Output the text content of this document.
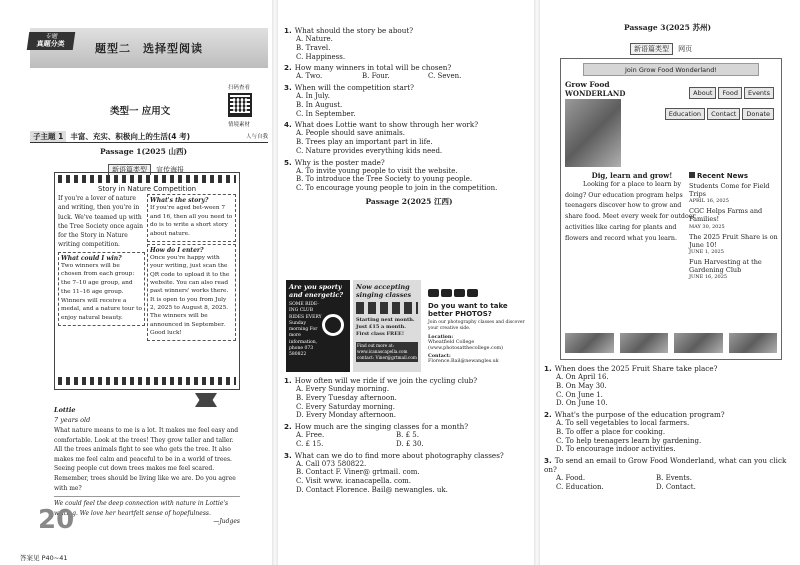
题型二　选择型阅读
专题
真题分类
扫码查看
情境素材
类型一 应用文
子主题 1 丰富、充实、积极向上的生活(4 考)	人与自我
Passage 1(2025 山西)
新语篇类型 宣传海报
Story in Nature Competition
If you're a lover of nature and writing, then you're in luck. We've teamed up with the Tree Society once again for the Story in Nature writing competition.
What could I win?
Two winners will be chosen from each group: the 7–10 age group, and the 11–16 age group. Winners will receive a medal, and a nature tour to enjoy natural beauty.
What's the story?
If you're aged bet-ween 7 and 16, then all you need to do is to write a short story about nature.
How do I enter?
Once you're happy with your writing, just scan the QR code to upload it to the website. You can also read past winners' works there. It is open to you from July 2, 2025 to August 8, 2025. The winners will be announced in September. Good luck!
Lottie
7 years old
What nature means to me is a lot. It makes me feel easy and comfortable. Look at the trees! They grow taller and taller. All the trees animals fight to see who gets the tree. It also makes me feel calm and peaceful to be in a world of trees. Seeing people cut down trees makes me feel scared. Remember, trees should be living like we are. Do you agree with me?
We could feel the deep connection with nature in Lottie's writing. We love her heartfelt sense of hopefulness.
—Judges
20
答案见 P40~41
1. What should the story be about?
A. Nature.
B. Travel.
C. Happiness.
2. How many winners in total will be chosen?
A. Two.	B. Four.	C. Seven.
3. When will the competition start?
A. In July.
B. In August.
C. In September.
4. What does Lottie want to show through her work?
A. People should save animals.
B. Trees play an important part in life.
C. Nature provides everything kids need.
5. Why is the poster made?
A. To invite young people to visit the website.
B. To introduce the Tree Society to young people.
C. To encourage young people to join in the competition.
Passage 2(2025 江西)
Are you sporty and energetic?
SOME RIDE-ING CLUB RIDES EVERY Sunday morning For more information, phone 073 580822
Now accepting singing classes
Starting next month. Just £15 a month. First class FREE!
Find out more at: www.icanascapella.com contact: Viner@grtmail.com
Do you want to take better PHOTOS?
Join our photography classes and discover your creative side.
Location:
Wheatfield College (www.photosatthecollege.com)
Contact:
Florence.Bail@newangles.uk
1. How often will we ride if we join the cycling club?
A. Every Sunday morning.
B. Every Tuesday afternoon.
C. Every Saturday morning.
D. Every Monday afternoon.
2. How much are the singing classes for a month?
A. Free.	B. £ 5.
C. £ 15.	D. £ 30.
3. What can we do to find more about photography classes?
A. Call 073 580822.
B. Contact F. Viner@ grtmail. com.
C. Visit www. icanacapella. com.
D. Contact Florence. Bail@ newangles. uk.
Passage 3(2025 苏州)
新语篇类型 网页
Join Grow Food Wonderland!
Grow Food
WONDERLAND	About Food Events
Education Contact Donate
Dig, learn and grow!
Looking for a place to learn by doing? Our education program helps teenagers discover how to grow and share food. Meet every week for outdoor activities like caring for plants and flowers and record what you learn.
Recent News
Students Come for Field Trips
APRIL 16, 2025
CGC Helps Farms and Families!
MAY 30, 2025
The 2025 Fruit Share is on June 10!
JUNE 1, 2025
Fun Harvesting at the Gardening Club
JUNE 16, 2025
1. When does the 2025 Fruit Share take place?
A. On April 16.
B. On May 30.
C. On June 1.
D. On June 10.
2. What's the purpose of the education program?
A. To sell vegetables to local farmers.
B. To offer a place for cooking.
C. To help teenagers learn by gardening.
D. To encourage indoor activities.
3. To send an email to Grow Food Wonderland, what can you click on?
A. Food.	B. Events.
C. Education.	D. Contact.
